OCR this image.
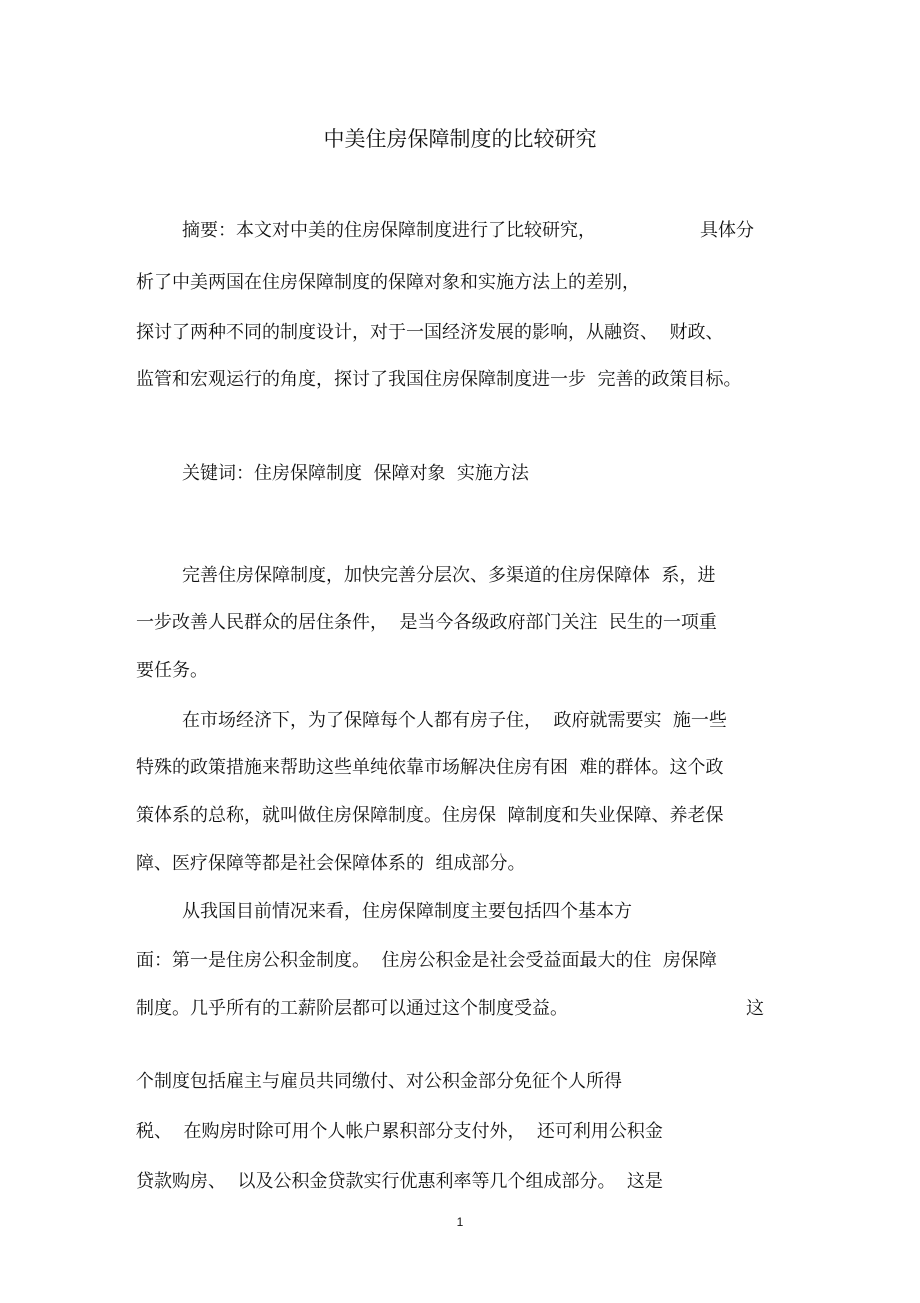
中美住房保障制度的比较研究
摘要：本文对中美的住房保障制度进行了比较研究，	具体分
析了中美两国在住房保障制度的保障对象和实施方法上的差别，
探讨了两种不同的制度设计，对于一国经济发展的影响，从融资、  财政、
监管和宏观运行的角度，探讨了我国住房保障制度进一步  完善的政策目标。
关键词：住房保障制度  保障对象  实施方法
完善住房保障制度，加快完善分层次、多渠道的住房保障体  系，进
一步改善人民群众的居住条件，  是当今各级政府部门关注  民生的一项重
要任务。
在市场经济下，为了保障每个人都有房子住，  政府就需要实  施一些
特殊的政策措施来帮助这些单纯依靠市场解决住房有困  难的群体。这个政
策体系的总称，就叫做住房保障制度。住房保  障制度和失业保障、养老保
障、医疗保障等都是社会保障体系的  组成部分。
从我国目前情况来看，住房保障制度主要包括四个基本方
面：第一是住房公积金制度。  住房公积金是社会受益面最大的住  房保障
制度。几乎所有的工薪阶层都可以通过这个制度受益。	这
个制度包括雇主与雇员共同缴付、对公积金部分免征个人所得
税、  在购房时除可用个人帐户累积部分支付外，  还可利用公积金
贷款购房、  以及公积金贷款实行优惠利率等几个组成部分。  这是
1
